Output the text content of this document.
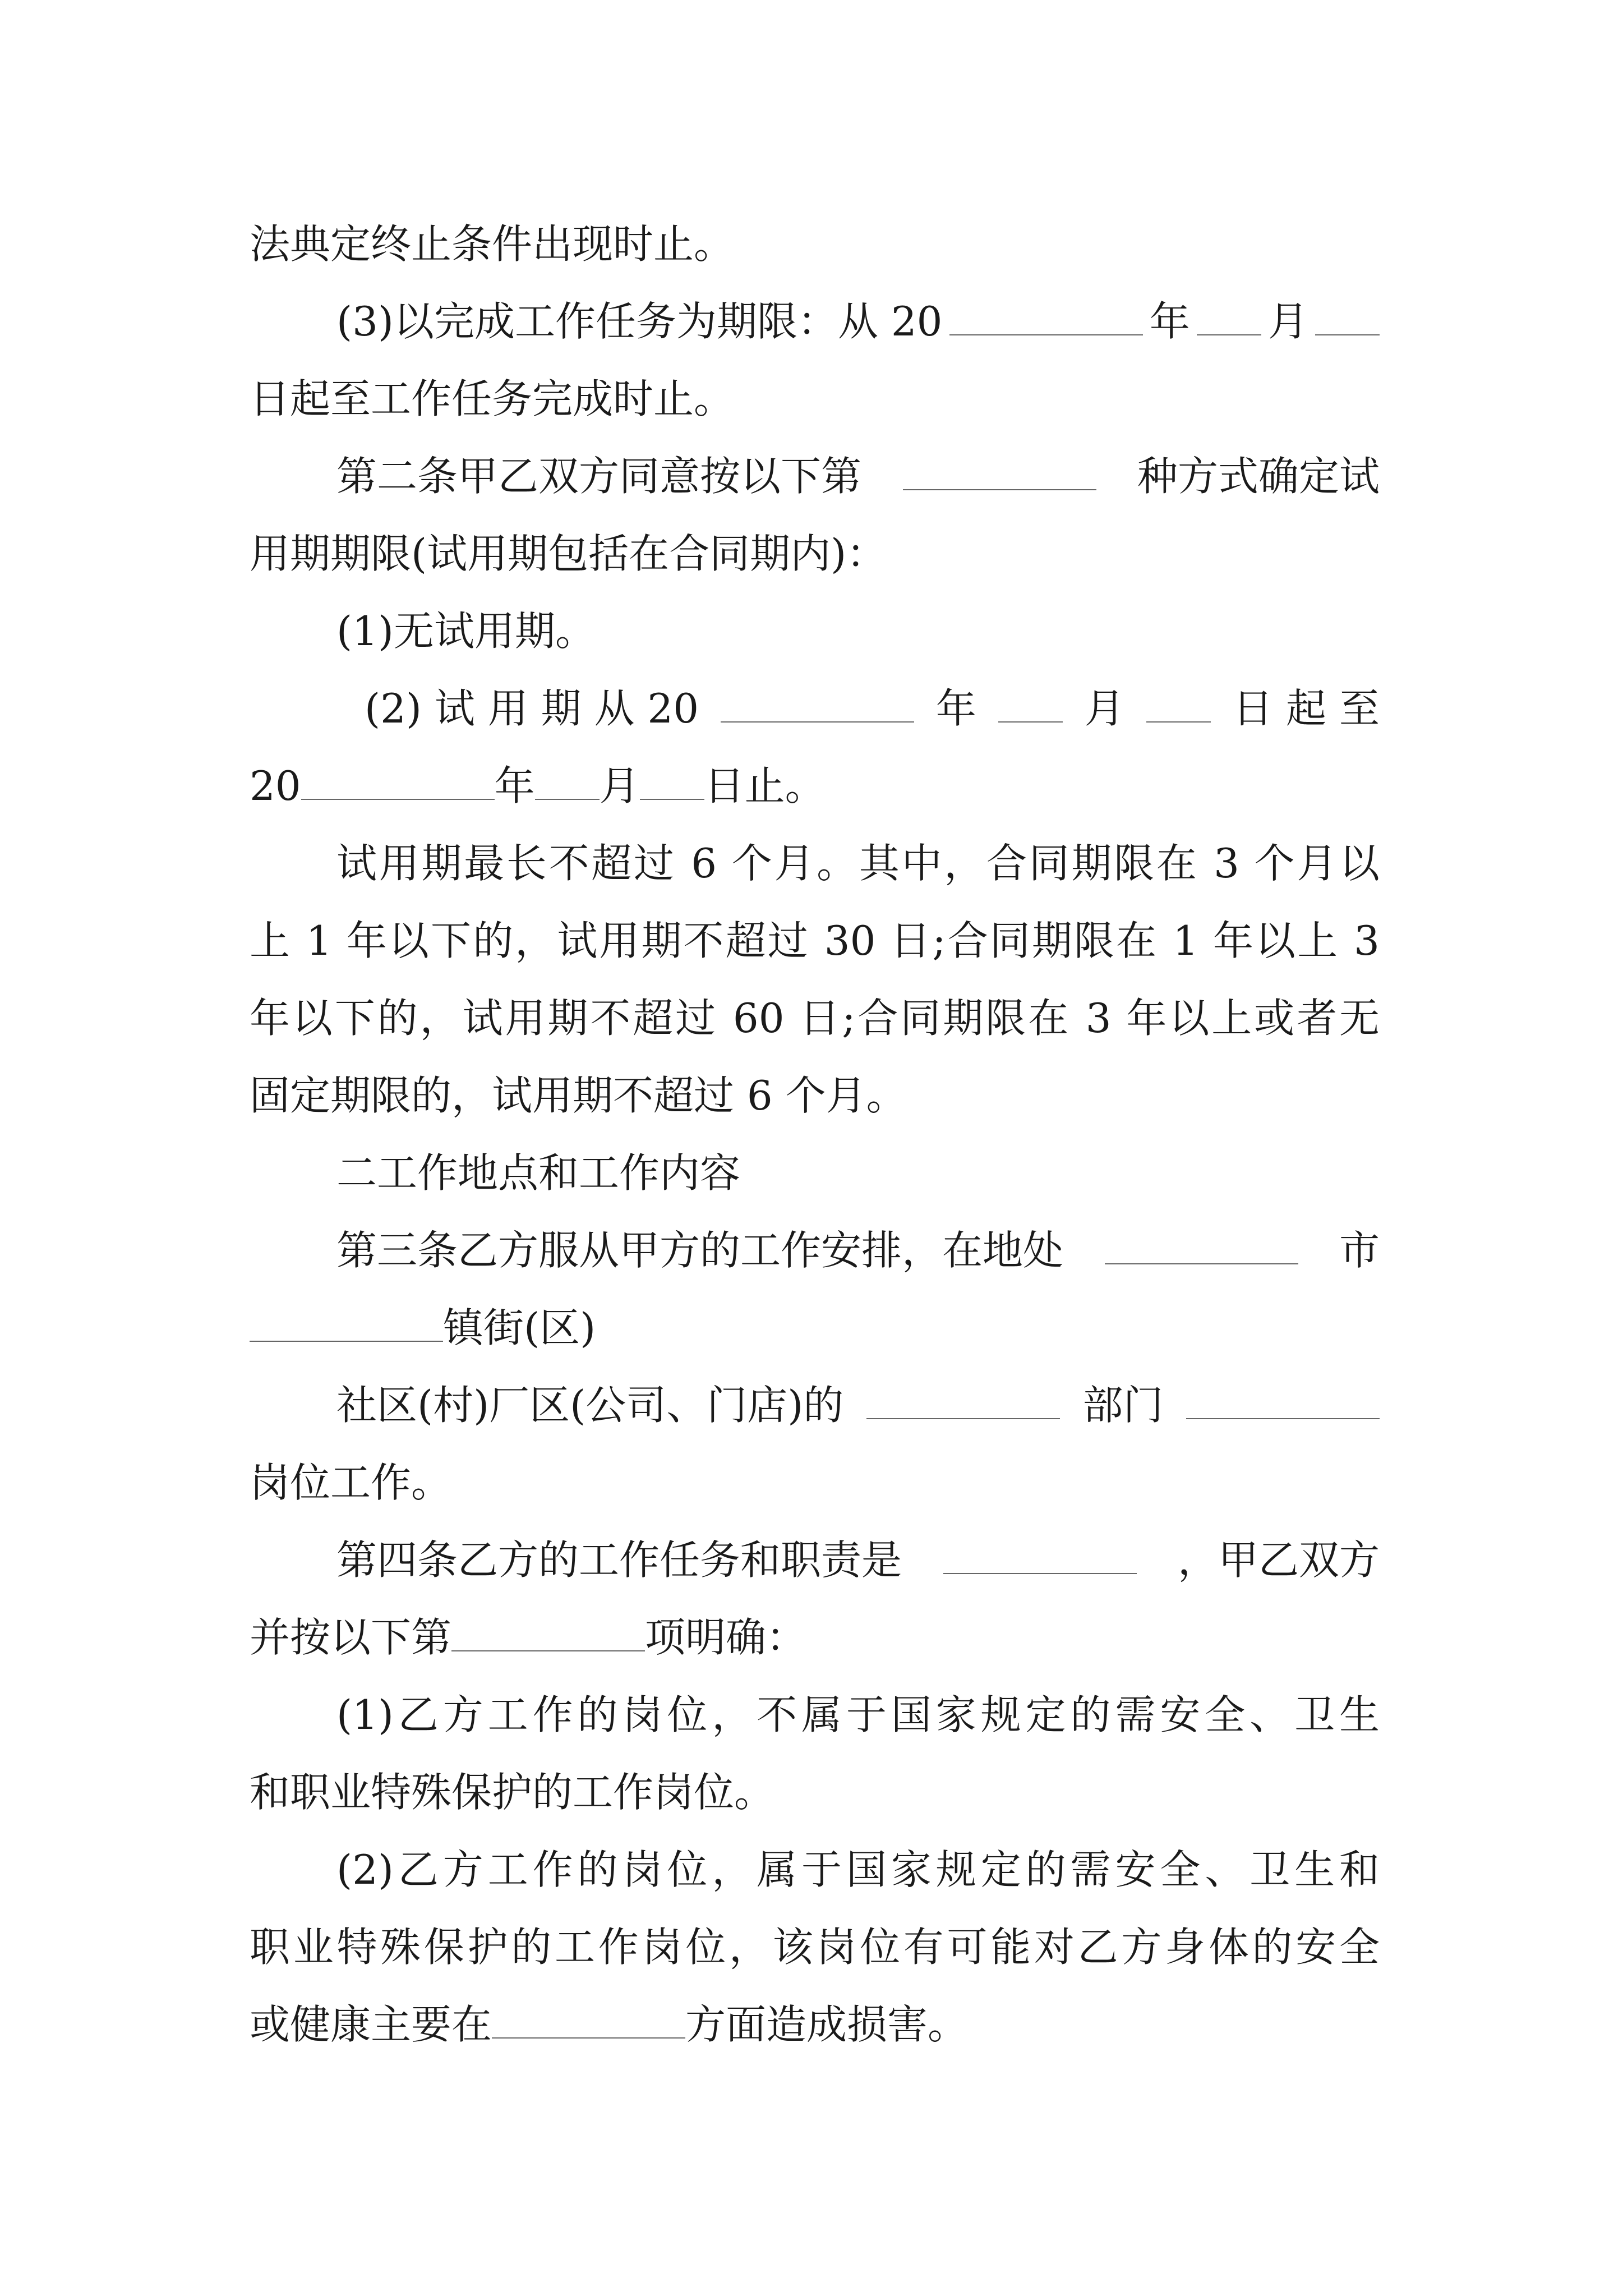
法典定终止条件出现时止。
(3)以完成工作任务为期限：从 20	年 月
日起至工作任务完成时止。
第二条甲乙双方同意按以下第	种方式确定试
用期期限(试用期包括在合同期内)：
(1)无试用期。
(2) 试 用 期 从 20	年	月	日 起 至
20	年 月 日止。
试用期最长不超过 6 个月。其中，合同期限在 3 个月以
上 1 年以下的，试用期不超过 30 日;合同期限在 1 年以上 3
年以下的，试用期不超过 60 日;合同期限在 3 年以上或者无
固定期限的，试用期不超过 6 个月。
二工作地点和工作内容
第三条乙方服从甲方的工作安排，在地处	市
镇街(区)
社区(村)厂区(公司、门店)的	部门
岗位工作。
第四条乙方的工作任务和职责是	，甲乙双方
并按以下第	项明确：
(1)乙方工作的岗位，不属于国家规定的需安全、卫生
和职业特殊保护的工作岗位。
(2)乙方工作的岗位，属于国家规定的需安全、卫生和
职业特殊保护的工作岗位，该岗位有可能对乙方身体的安全
或健康主要在	方面造成损害。
